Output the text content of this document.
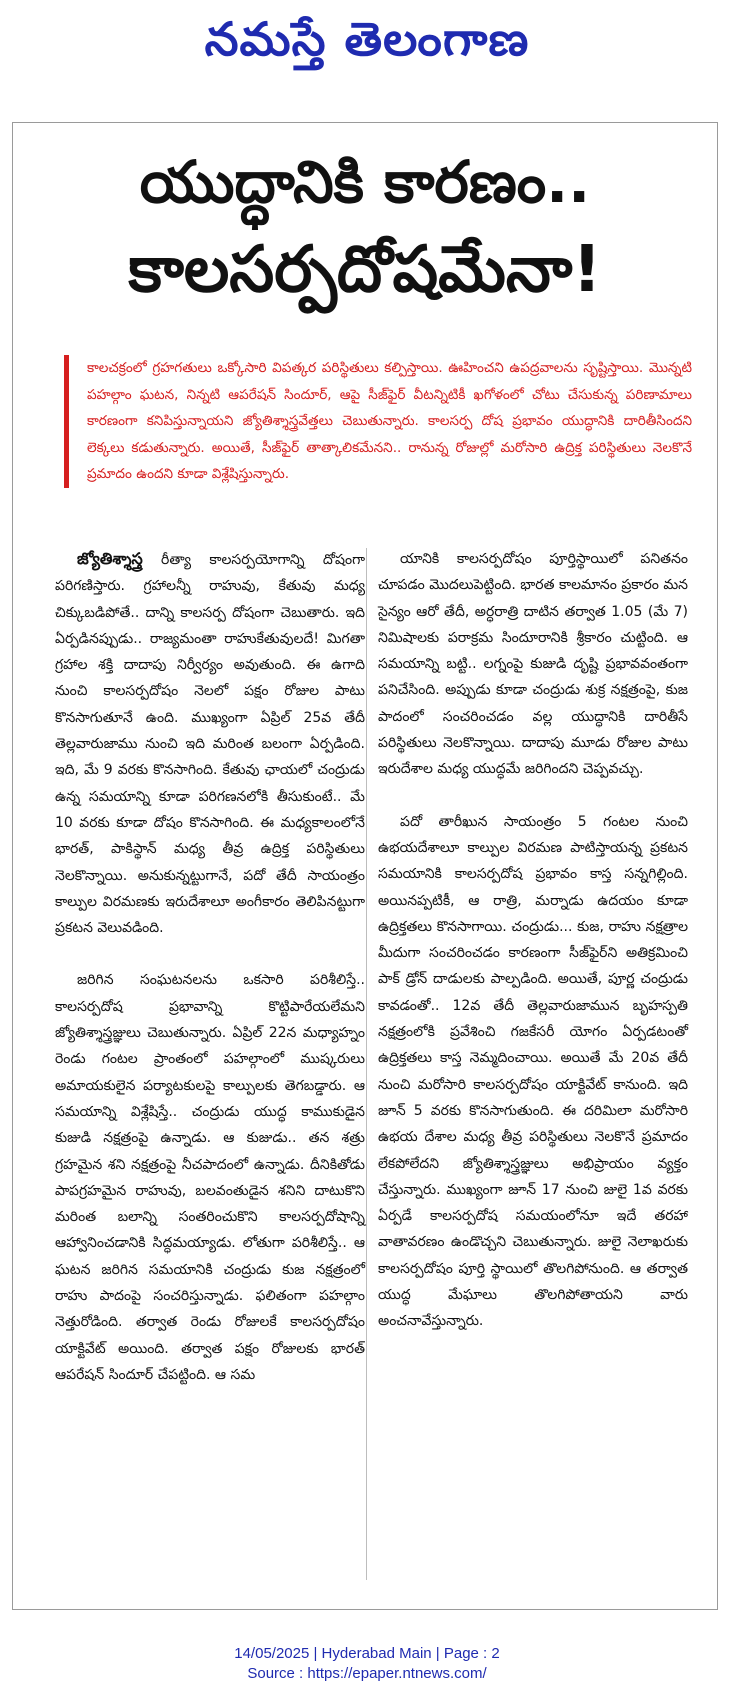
నమస్తే తెలంగాణ
యుద్ధానికి కారణం..
కాలసర్పదోషమేనా!
కాలచక్రంలో గ్రహగతులు ఒక్కోసారి విపత్కర పరిస్థితులు కల్పిస్తాయి. ఊహించని ఉపద్రవాలను సృష్టిస్తాయి. మొన్నటి పహల్గాం ఘటన, నిన్నటి ఆపరేషన్ సిందూర్, ఆపై సీజ్‌ఫైర్ వీటన్నిటికీ ఖగోళంలో చోటు చేసుకున్న పరిణామాలు కారణంగా కనిపిస్తున్నాయని జ్యోతిశ్శాస్త్రవేత్తలు చెబుతున్నారు. కాలసర్ప దోష ప్రభావం యుద్ధానికి దారితీసిందని లెక్కలు కడుతున్నారు. అయితే, సీజ్‌ఫైర్ తాత్కాలికమేనని.. రానున్న రోజుల్లో మరోసారి ఉద్రిక్త పరిస్థితులు నెలకొనే ప్రమాదం ఉందని కూడా విశ్లేషిస్తున్నారు.

జ్యోతిశ్శాస్త్ర రీత్యా కాలసర్పయోగాన్ని దోషంగా పరిగణిస్తారు. గ్రహాలన్నీ రాహువు, కేతువు మధ్య చిక్కుబడిపోతే.. దాన్ని కాలసర్ప దోషంగా చెబుతారు. ఇది ఏర్పడినప్పుడు.. రాజ్యమంతా రాహుకేతువులదే! మిగతా గ్రహాల శక్తి దాదాపు నిర్వీర్యం అవుతుంది. ఈ ఉగాది నుంచి కాలసర్పదోషం నెలలో పక్షం రోజుల పాటు కొనసాగుతూనే ఉంది. ముఖ్యంగా ఏప్రిల్ 25వ తేదీ తెల్లవారుజాము నుంచి ఇది మరింత బలంగా ఏర్పడింది. ఇది, మే 9 వరకు కొనసాగింది. కేతువు ఛాయలో చంద్రుడు ఉన్న సమయాన్ని కూడా పరిగణనలోకి తీసుకుంటే.. మే 10 వరకు కూడా దోషం కొనసాగింది. ఈ మధ్యకాలంలోనే భారత్, పాకిస్థాన్ మధ్య తీవ్ర ఉద్రిక్త పరిస్థితులు నెలకొన్నాయి. అనుకున్నట్టుగానే, పదో తేదీ సాయంత్రం కాల్పుల విరమణకు ఇరుదేశాలూ అంగీకారం తెలిపినట్టుగా ప్రకటన వెలువడింది.

జరిగిన సంఘటనలను ఒకసారి పరిశీలిస్తే.. కాలసర్పదోష ప్రభావాన్ని కొట్టిపారేయలేమని జ్యోతిశ్శాస్త్రజ్ఞులు చెబుతున్నారు. ఏప్రిల్ 22న మధ్యాహ్నం రెండు గంటల ప్రాంతంలో పహల్గాంలో ముష్కరులు అమాయకులైన పర్యాటకులపై కాల్పులకు తెగబడ్డారు. ఆ సమయాన్ని విశ్లేషిస్తే.. చంద్రుడు యుద్ధ కాముకుడైన కుజుడి నక్షత్రంపై ఉన్నాడు. ఆ కుజుడు.. తన శత్రు గ్రహమైన శని నక్షత్రంపై నీచపాదంలో ఉన్నాడు. దీనికితోడు పాపగ్రహమైన రాహువు, బలవంతుడైన శనిని దాటుకొని మరింత బలాన్ని సంతరించుకొని కాలసర్పదోషాన్ని ఆహ్వానించడానికి సిద్ధమయ్యాడు. లోతుగా పరిశీలిస్తే.. ఆ ఘటన జరిగిన సమయానికి చంద్రుడు కుజ నక్షత్రంలో రాహు పాదంపై సంచరిస్తున్నాడు. ఫలితంగా పహల్గాం నెత్తురోడింది. తర్వాత రెండు రోజులకే కాలసర్పదోషం యాక్టివేట్ అయింది. తర్వాత పక్షం రోజులకు భారత్ ఆపరేషన్ సిందూర్ చేపట్టింది. ఆ సమ

యానికి కాలసర్పదోషం పూర్తిస్థాయిలో పనితనం చూపడం మొదలుపెట్టింది. భారత కాలమానం ప్రకారం మన సైన్యం ఆరో తేదీ, అర్ధరాత్రి దాటిన తర్వాత 1.05 (మే 7) నిమిషాలకు పరాక్రమ సిందూరానికి శ్రీకారం చుట్టింది. ఆ సమయాన్ని బట్టి.. లగ్నంపై కుజుడి దృష్టి ప్రభావవంతంగా పనిచేసింది. అప్పుడు కూడా చంద్రుడు శుక్ర నక్షత్రంపై, కుజ పాదంలో సంచరించడం వల్ల యుద్ధానికి దారితీసే పరిస్థితులు నెలకొన్నాయి. దాదాపు మూడు రోజుల పాటు ఇరుదేశాల మధ్య యుద్ధమే జరిగిందని చెప్పవచ్చు.

పదో తారీఖున సాయంత్రం 5 గంటల నుంచి ఉభయదేశాలూ కాల్పుల విరమణ పాటిస్తాయన్న ప్రకటన సమయానికి కాలసర్పదోష ప్రభావం కాస్త సన్నగిల్లింది. అయినప్పటికీ, ఆ రాత్రి, మర్నాడు ఉదయం కూడా ఉద్రిక్తతలు కొనసాగాయి. చంద్రుడు... కుజ, రాహు నక్షత్రాల మీదుగా సంచరించడం కారణంగా సీజ్‌ఫైర్‌ని అతిక్రమించి పాక్ డ్రోన్ దాడులకు పాల్పడింది. అయితే, పూర్ణ చంద్రుడు కావడంతో.. 12వ తేదీ తెల్లవారుజామున బృహస్పతి నక్షత్రంలోకి ప్రవేశించి గజకేసరీ యోగం ఏర్పడటంతో ఉద్రిక్తతలు కాస్త నెమ్మదించాయి. అయితే మే 20వ తేదీ నుంచి మరోసారి కాలసర్పదోషం యాక్టివేట్ కానుంది. ఇది జూన్ 5 వరకు కొనసాగుతుంది. ఈ దరిమిలా మరోసారి ఉభయ దేశాల మధ్య తీవ్ర పరిస్థితులు నెలకొనే ప్రమాదం లేకపోలేదని జ్యోతిశ్శాస్త్రజ్ఞులు అభిప్రాయం వ్యక్తం చేస్తున్నారు. ముఖ్యంగా జూన్ 17 నుంచి జులై 1వ వరకు ఏర్పడే కాలసర్పదోష సమయంలోనూ ఇదే తరహా వాతావరణం ఉండొచ్చని చెబుతున్నారు. జులై నెలాఖరుకు కాలసర్పదోషం పూర్తి స్థాయిలో తొలగిపోనుంది. ఆ తర్వాత యుద్ధ మేఘాలు తొలగిపోతాయని వారు అంచనావేస్తున్నారు.

14/05/2025 | Hyderabad Main | Page : 2
Source : https://epaper.ntnews.com/
